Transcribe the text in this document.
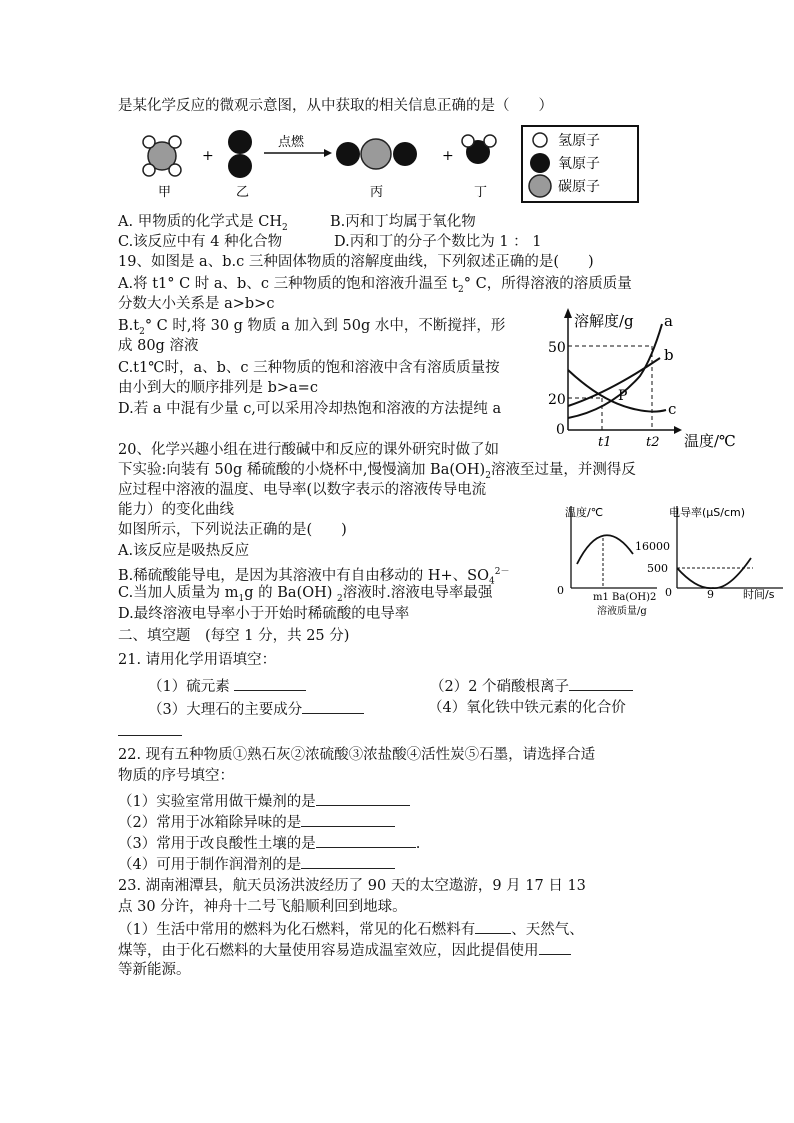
是某化学反应的微观示意图，从中获取的相关信息正确的是（　　）
+
点燃
+
甲	乙	丙	丁
氢原子
氧原子
碳原子
A. 甲物质的化学式是 $CH_2$	B.丙和丁均属于氧化物
C.该反应中有 4 种化合物	D.丙和丁的分子个数比为 1 ： 1
19、如图是 a、b.c 三种固体物质的溶解度曲线，下列叙述正确的是(　　)
A.将 t1° C 时 a、b、c 三种物质的饱和溶液升温至 $t_2^\circ$ C，所得溶液的溶质质量
分数大小关系是 a>b>c
$B.t_2^\circ$ C 时,将 30 g 物质 a 加入到 50g 水中，不断搅拌，形
成 80g 溶液
C.t1℃时，a、b、c 三种物质的饱和溶液中含有溶质质量按
由小到大的顺序排列是 b>a=c
D.若 a 中混有少量 c,可以采用冷却热饱和溶液的方法提纯 a
溶解度/g
温度/℃
50
20
0
t1	t2
a
b
c
P
20、化学兴趣小组在进行酸碱中和反应的课外研究时做了如
下实验:向装有 50g 稀硫酸的小烧杯中,慢慢滴加 $Ba(OH)_2$溶液至过量，并测得反
应过程中溶液的温度、电导率(以数字表示的溶液传导电流
能力）的变化曲线
如图所示，下列说法正确的是(　　)
A.该反应是吸热反应
B.稀硫酸能导电，是因为其溶液中有自由移动的 H+、$SO_4^{2-}$
C.当加人质量为 $m_1g$ 的 Ba(OH) $_2$溶液时.溶液电导率最强
D.最终溶液电导率小于开始时稀硫酸的电导率
温度/℃
0
m1 Ba(OH)2
溶液质量/g
电导率(μS/cm)
16000
500
0	9	时间/s
二、填空题　(每空 1 分，共 25 分)
21. 请用化学用语填空：
（1）硫元素	（2）2 个硝酸根离子
（3）大理石的主要成分	（4）氧化铁中铁元素的化合价
22. 现有五种物质①熟石灰②浓硫酸③浓盐酸④活性炭⑤石墨，请选择合适
物质的序号填空：
（1）实验室常用做干燥剂的是
（2）常用于冰箱除异味的是
（3）常用于改良酸性土壤的是	.
（4）可用于制作润滑剂的是
23. 湖南湘潭县，航天员汤洪波经历了 90 天的太空遨游，9 月 17 日 13
点 30 分许，神舟十二号飞船顺利回到地球。
（1）生活中常用的燃料为化石燃料，常见的化石燃料有 、天然气、
煤等，由于化石燃料的大量使用容易造成温室效应，因此提倡使用
等新能源。
